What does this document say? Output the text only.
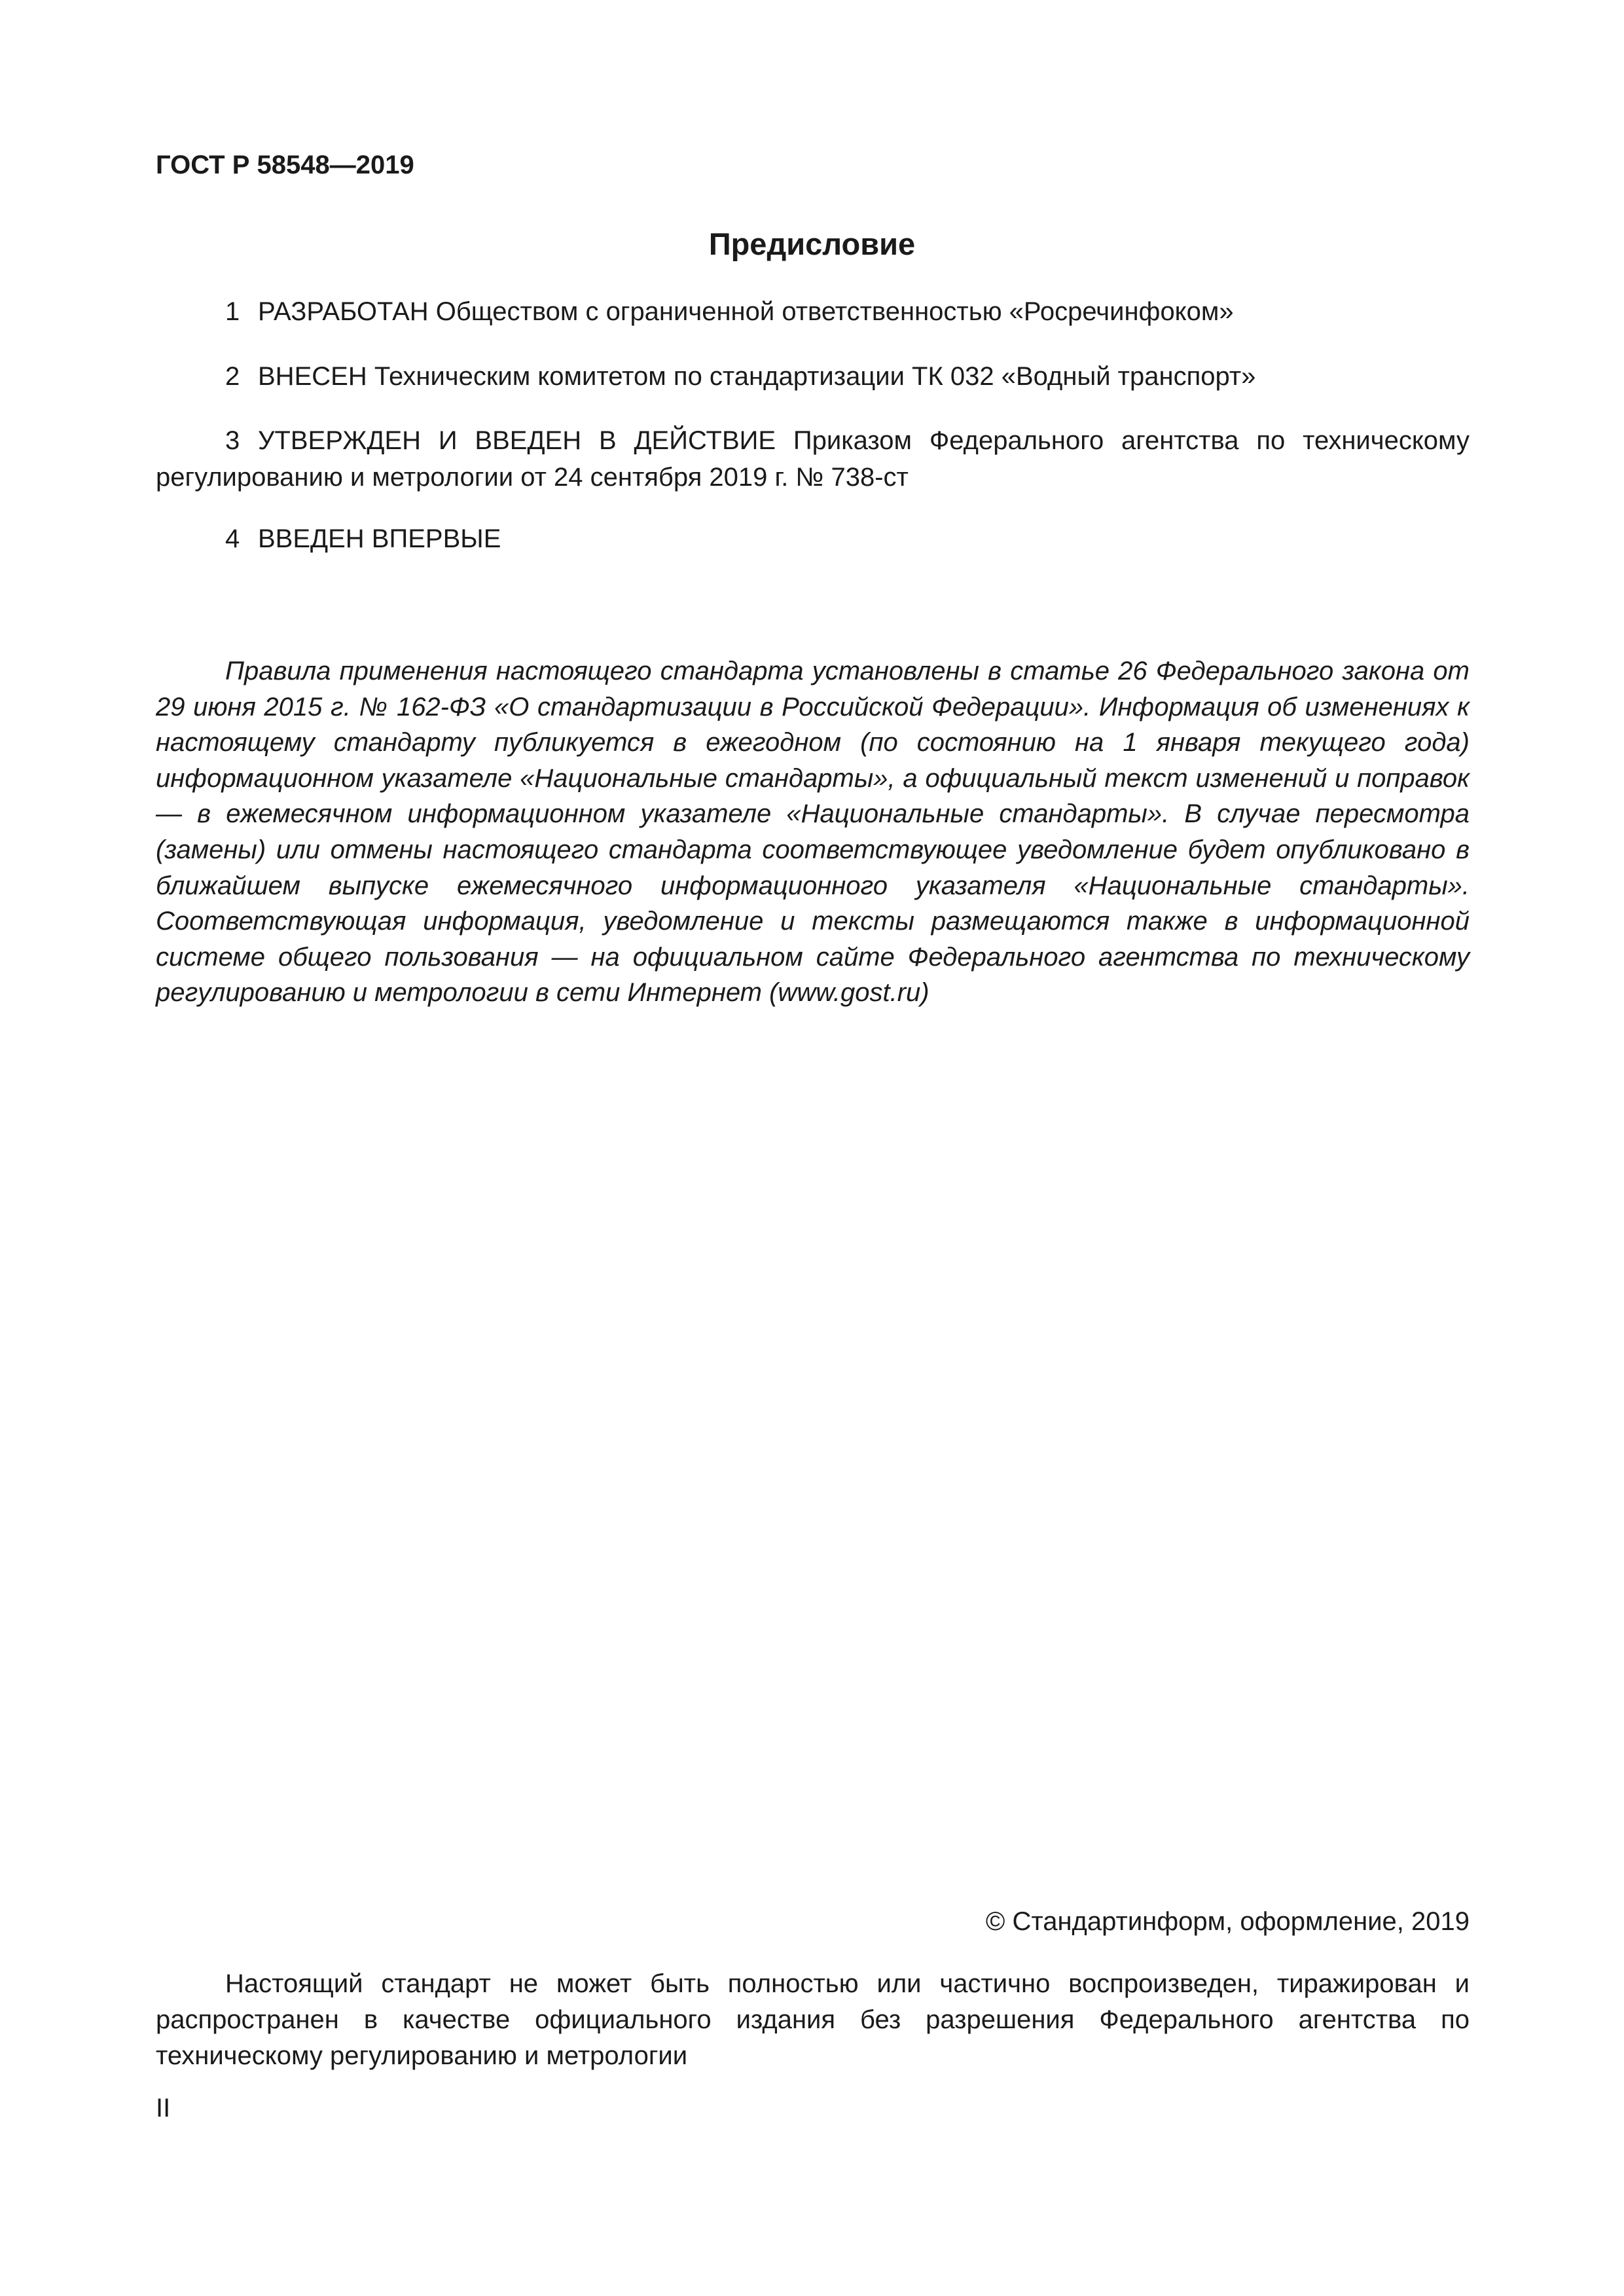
ГОСТ Р 58548—2019

Предисловие

1 РАЗРАБОТАН Обществом с ограниченной ответственностью «Росречинфоком»

2 ВНЕСЕН Техническим комитетом по стандартизации ТК 032 «Водный транспорт»

3 УТВЕРЖДЕН И ВВЕДЕН В ДЕЙСТВИЕ Приказом Федерального агентства по техническому регулированию и метрологии от 24 сентября 2019 г. № 738-ст

4 ВВЕДЕН ВПЕРВЫЕ

Правила применения настоящего стандарта установлены в статье 26 Федерального закона от 29 июня 2015 г. № 162-ФЗ «О стандартизации в Российской Федерации». Информация об изменениях к настоящему стандарту публикуется в ежегодном (по состоянию на 1 января текущего года) информационном указателе «Национальные стандарты», а официальный текст изменений и поправок — в ежемесячном информационном указателе «Национальные стандарты». В случае пересмотра (замены) или отмены настоящего стандарта соответствующее уведомление будет опубликовано в ближайшем выпуске ежемесячного информационного указателя «Национальные стандарты». Соответствующая информация, уведомление и тексты размещаются также в информационной системе общего пользования — на официальном сайте Федерального агентства по техническому регулированию и метрологии в сети Интернет (www.gost.ru)

© Стандартинформ, оформление, 2019

Настоящий стандарт не может быть полностью или частично воспроизведен, тиражирован и распространен в качестве официального издания без разрешения Федерального агентства по техническому регулированию и метрологии

II
